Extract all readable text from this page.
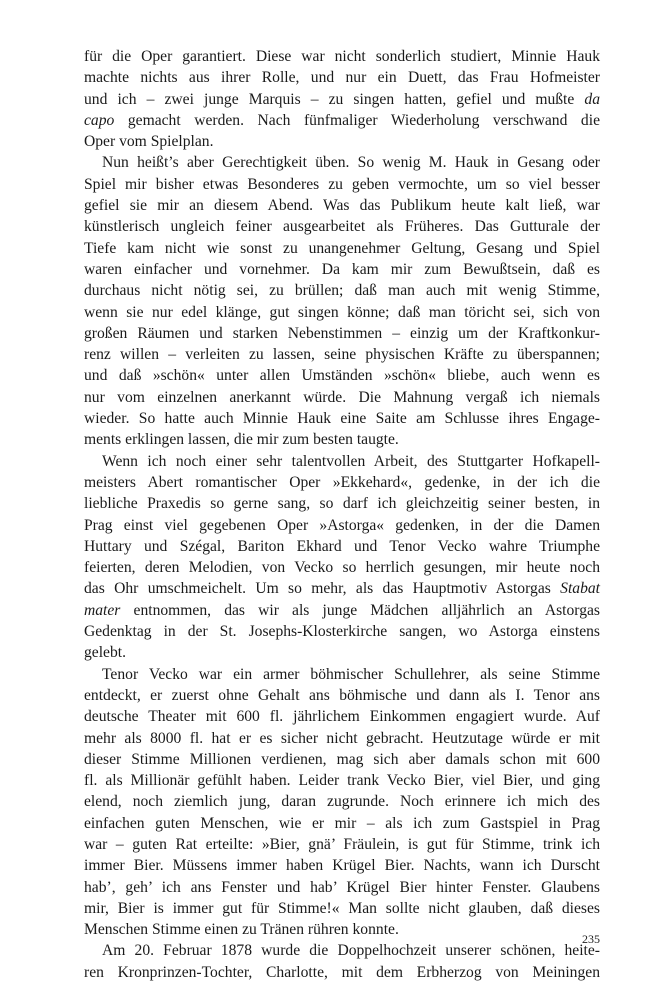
für die Oper garantiert. Diese war nicht sonderlich studiert, Minnie Hauk
machte nichts aus ihrer Rolle, und nur ein Duett, das Frau Hofmeister
und ich – zwei junge Marquis – zu singen hatten, gefiel und mußte da
capo gemacht werden. Nach fünfmaliger Wiederholung verschwand die
Oper vom Spielplan.
Nun heißt’s aber Gerechtigkeit üben. So wenig M. Hauk in Gesang oder
Spiel mir bisher etwas Besonderes zu geben vermochte, um so viel besser
gefiel sie mir an diesem Abend. Was das Publikum heute kalt ließ, war
künstlerisch ungleich feiner ausgearbeitet als Früheres. Das Gutturale der
Tiefe kam nicht wie sonst zu unangenehmer Geltung, Gesang und Spiel
waren einfacher und vornehmer. Da kam mir zum Bewußtsein, daß es
durchaus nicht nötig sei, zu brüllen; daß man auch mit wenig Stimme,
wenn sie nur edel klänge, gut singen könne; daß man töricht sei, sich von
großen Räumen und starken Nebenstimmen – einzig um der Kraftkonkur-
renz willen – verleiten zu lassen, seine physischen Kräfte zu überspannen;
und daß »schön« unter allen Umständen »schön« bliebe, auch wenn es
nur vom einzelnen anerkannt würde. Die Mahnung vergaß ich niemals
wieder. So hatte auch Minnie Hauk eine Saite am Schlusse ihres Engage-
ments erklingen lassen, die mir zum besten taugte.
Wenn ich noch einer sehr talentvollen Arbeit, des Stuttgarter Hofkapell-
meisters Abert romantischer Oper »Ekkehard«, gedenke, in der ich die
liebliche Praxedis so gerne sang, so darf ich gleichzeitig seiner besten, in
Prag einst viel gegebenen Oper »Astorga« gedenken, in der die Damen
Huttary und Szégal, Bariton Ekhard und Tenor Vecko wahre Triumphe
feierten, deren Melodien, von Vecko so herrlich gesungen, mir heute noch
das Ohr umschmeichelt. Um so mehr, als das Hauptmotiv Astorgas Stabat
mater entnommen, das wir als junge Mädchen alljährlich an Astorgas
Gedenktag in der St. Josephs-Klosterkirche sangen, wo Astorga einstens
gelebt.
Tenor Vecko war ein armer böhmischer Schullehrer, als seine Stimme
entdeckt, er zuerst ohne Gehalt ans böhmische und dann als I. Tenor ans
deutsche Theater mit 600 fl. jährlichem Einkommen engagiert wurde. Auf
mehr als 8000 fl. hat er es sicher nicht gebracht. Heutzutage würde er mit
dieser Stimme Millionen verdienen, mag sich aber damals schon mit 600
fl. als Millionär gefühlt haben. Leider trank Vecko Bier, viel Bier, und ging
elend, noch ziemlich jung, daran zugrunde. Noch erinnere ich mich des
einfachen guten Menschen, wie er mir – als ich zum Gastspiel in Prag
war – guten Rat erteilte: »Bier, gnä’ Fräulein, is gut für Stimme, trink ich
immer Bier. Müssens immer haben Krügel Bier. Nachts, wann ich Durscht
hab’, geh’ ich ans Fenster und hab’ Krügel Bier hinter Fenster. Glaubens
mir, Bier is immer gut für Stimme!« Man sollte nicht glauben, daß dieses
Menschen Stimme einen zu Tränen rühren konnte.
Am 20. Februar 1878 wurde die Doppelhochzeit unserer schönen, heite-
ren Kronprinzen-Tochter, Charlotte, mit dem Erbherzog von Meiningen
235
